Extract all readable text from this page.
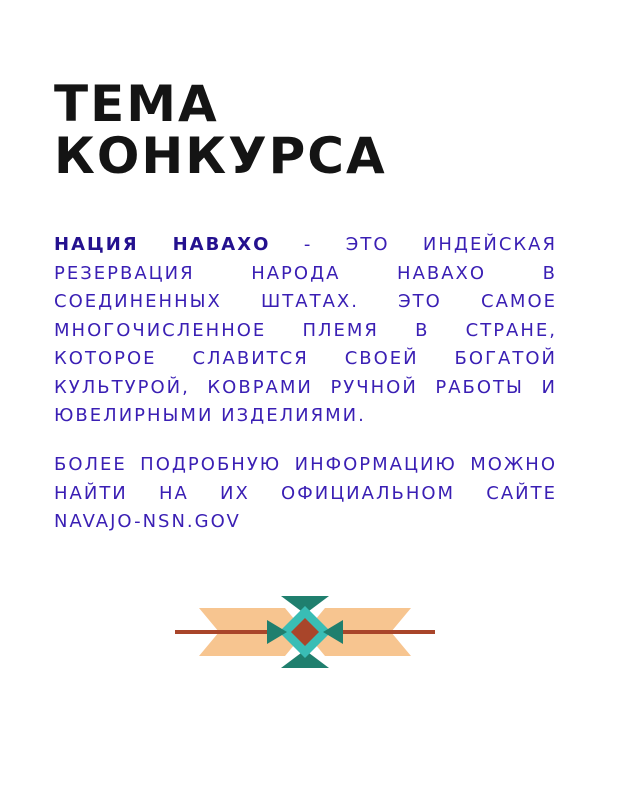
ТЕМА
КОНКУРСА

НАЦИЯ НАВАХО - ЭТО ИНДЕЙСКАЯ РЕЗЕРВАЦИЯ НАРОДА НАВАХО В СОЕДИНЕННЫХ ШТАТАХ. ЭТО САМОЕ МНОГОЧИСЛЕННОЕ ПЛЕМЯ В СТРАНЕ, КОТОРОЕ СЛАВИТСЯ СВОЕЙ БОГАТОЙ КУЛЬТУРОЙ, КОВРАМИ РУЧНОЙ РАБОТЫ И ЮВЕЛИРНЫМИ ИЗДЕЛИЯМИ.

БОЛЕЕ ПОДРОБНУЮ ИНФОРМАЦИЮ МОЖНО НАЙТИ НА ИХ ОФИЦИАЛЬНОМ САЙТЕ NAVAJO-NSN.GOV
